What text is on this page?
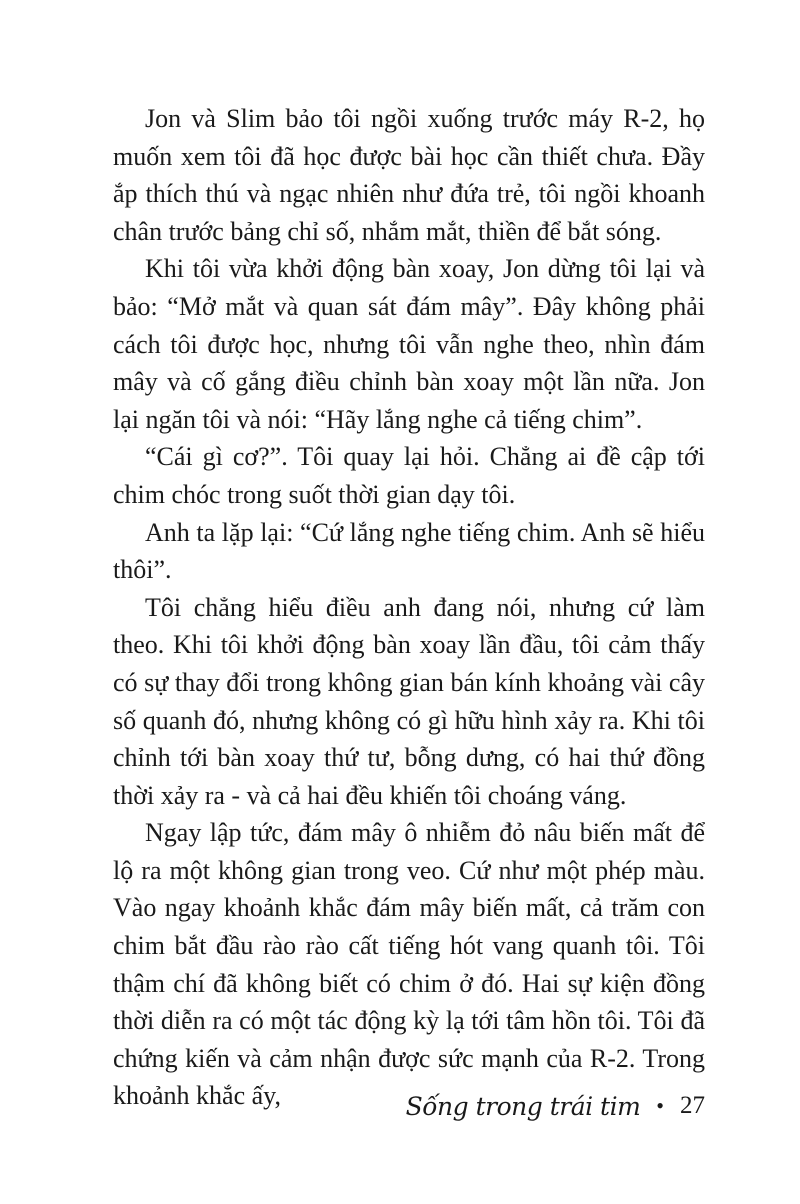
Jon và Slim bảo tôi ngồi xuống trước máy R-2, họ muốn xem tôi đã học được bài học cần thiết chưa. Đầy ắp thích thú và ngạc nhiên như đứa trẻ, tôi ngồi khoanh chân trước bảng chỉ số, nhắm mắt, thiền để bắt sóng.

Khi tôi vừa khởi động bàn xoay, Jon dừng tôi lại và bảo: “Mở mắt và quan sát đám mây”. Đây không phải cách tôi được học, nhưng tôi vẫn nghe theo, nhìn đám mây và cố gắng điều chỉnh bàn xoay một lần nữa. Jon lại ngăn tôi và nói: “Hãy lắng nghe cả tiếng chim”.

“Cái gì cơ?”. Tôi quay lại hỏi. Chẳng ai đề cập tới chim chóc trong suốt thời gian dạy tôi.

Anh ta lặp lại: “Cứ lắng nghe tiếng chim. Anh sẽ hiểu thôi”.

Tôi chẳng hiểu điều anh đang nói, nhưng cứ làm theo. Khi tôi khởi động bàn xoay lần đầu, tôi cảm thấy có sự thay đổi trong không gian bán kính khoảng vài cây số quanh đó, nhưng không có gì hữu hình xảy ra. Khi tôi chỉnh tới bàn xoay thứ tư, bỗng dưng, có hai thứ đồng thời xảy ra - và cả hai đều khiến tôi choáng váng.

Ngay lập tức, đám mây ô nhiễm đỏ nâu biến mất để lộ ra một không gian trong veo. Cứ như một phép màu. Vào ngay khoảnh khắc đám mây biến mất, cả trăm con chim bắt đầu rào rào cất tiếng hót vang quanh tôi. Tôi thậm chí đã không biết có chim ở đó. Hai sự kiện đồng thời diễn ra có một tác động kỳ lạ tới tâm hồn tôi. Tôi đã chứng kiến và cảm nhận được sức mạnh của R-2. Trong khoảnh khắc ấy,	Sống trong trái tim • 27
